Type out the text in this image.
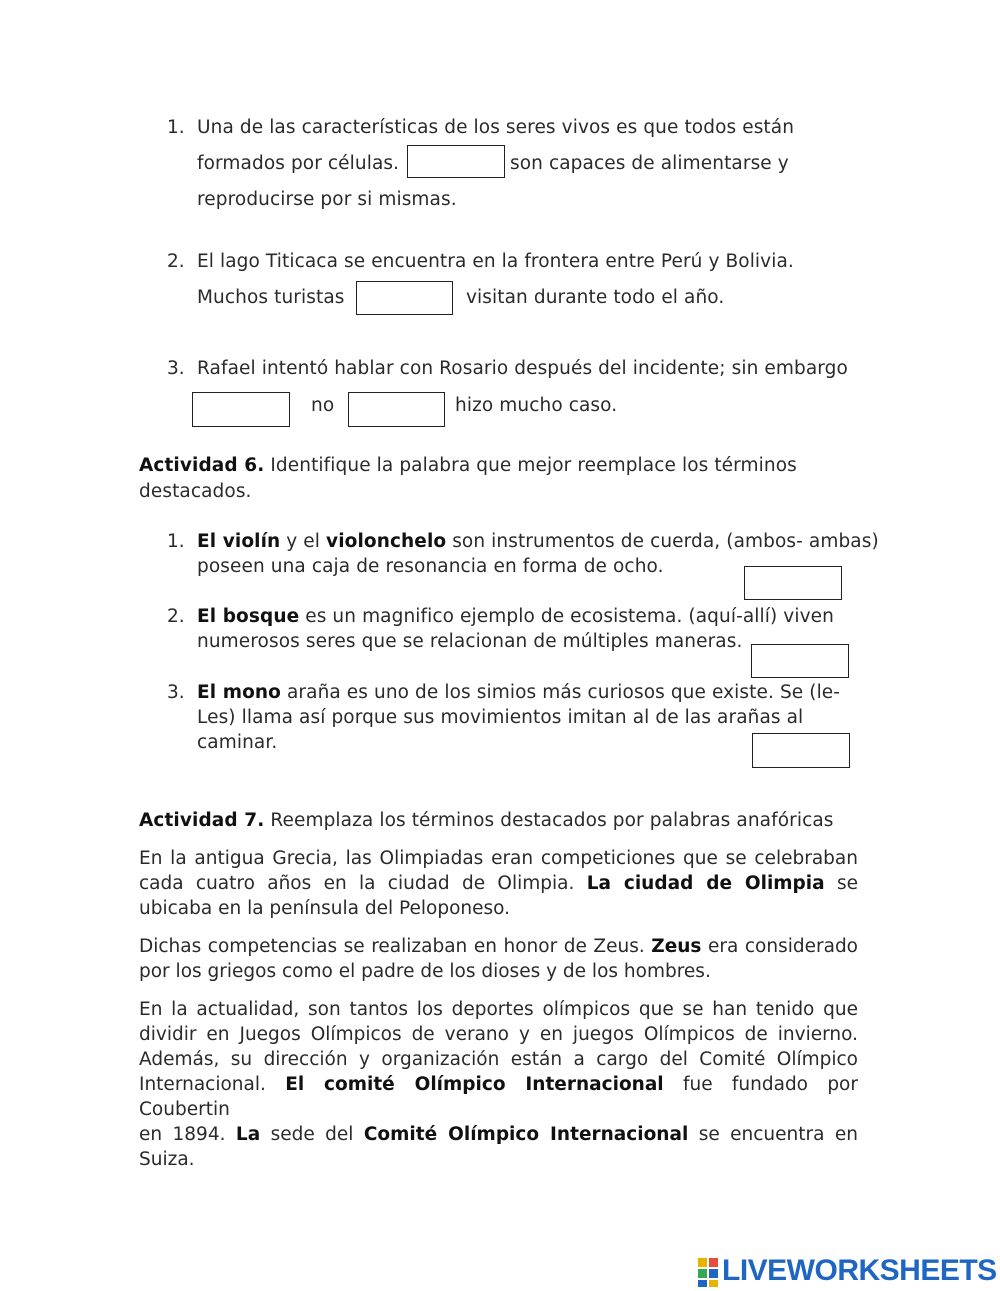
1. Una de las características de los seres vivos es que todos están
formados por células.	son capaces de alimentarse y
reproducirse por si mismas.
2. El lago Titicaca se encuentra en la frontera entre Perú y Bolivia.
Muchos turistas	visitan durante todo el año.
3. Rafael intentó hablar con Rosario después del incidente; sin embargo
no	hizo mucho caso.
Actividad 6. Identifique la palabra que mejor reemplace los términos
destacados.
1. El violín y el violonchelo son instrumentos de cuerda, (ambos- ambas)
poseen una caja de resonancia en forma de ocho.
2. El bosque es un magnifico ejemplo de ecosistema. (aquí-allí) viven
numerosos seres que se relacionan de múltiples maneras.
3. El mono araña es uno de los simios más curiosos que existe. Se (le-
Les) llama así porque sus movimientos imitan al de las arañas al
caminar.
Actividad 7. Reemplaza los términos destacados por palabras anafóricas
En la antigua Grecia, las Olimpiadas eran competiciones que se celebraban
cada cuatro años en la ciudad de Olimpia. La ciudad de Olimpia se
ubicaba en la península del Peloponeso.
Dichas competencias se realizaban en honor de Zeus. Zeus era considerado
por los griegos como el padre de los dioses y de los hombres.
En la actualidad, son tantos los deportes olímpicos que se han tenido que
dividir en Juegos Olímpicos de verano y en juegos Olímpicos de invierno.
Además, su dirección y organización están a cargo del Comité Olímpico
Internacional. El comité Olímpico Internacional fue fundado por Coubertin
en 1894. La sede del Comité Olímpico Internacional se encuentra en Suiza.
LIVEWORKSHEETS
